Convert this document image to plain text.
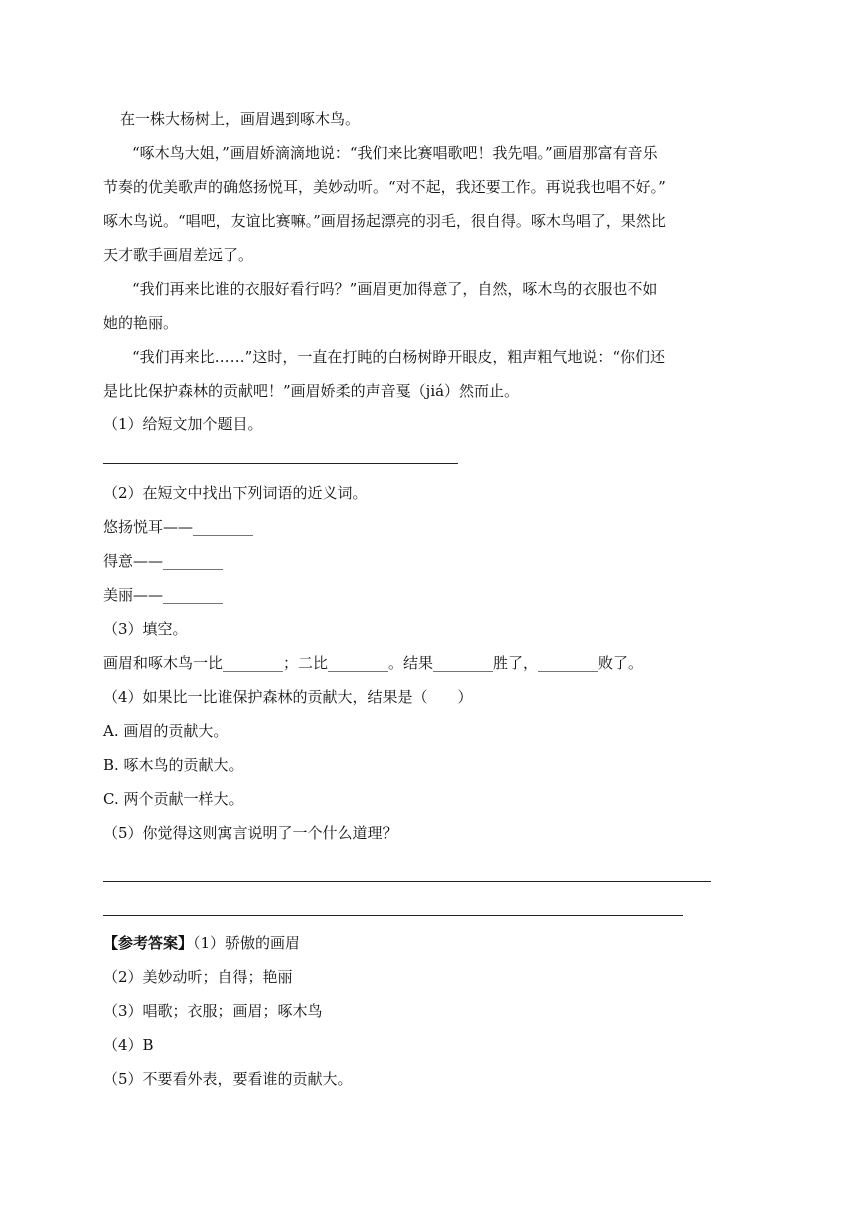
在一株大杨树上，画眉遇到啄木鸟。
“啄木鸟大姐，”画眉娇滴滴地说：“我们来比赛唱歌吧！我先唱。”画眉那富有音乐
节奏的优美歌声的确悠扬悦耳，美妙动听。“对不起，我还要工作。再说我也唱不好。”
啄木鸟说。“唱吧，友谊比赛嘛。”画眉扬起漂亮的羽毛，很自得。啄木鸟唱了，果然比
天才歌手画眉差远了。
“我们再来比谁的衣服好看行吗？”画眉更加得意了，自然，啄木鸟的衣服也不如
她的艳丽。
“我们再来比……”这时，一直在打盹的白杨树睁开眼皮，粗声粗气地说：“你们还
是比比保护森林的贡献吧！”画眉娇柔的声音戛（jiá）然而止。
（1）给短文加个题目。
（2）在短文中找出下列词语的近义词。
悠扬悦耳——________
得意——________
美丽——________
（3）填空。
画眉和啄木鸟一比________；二比________。结果________胜了，________败了。
（4）如果比一比谁保护森林的贡献大，结果是（　　）
A. 画眉的贡献大。
B. 啄木鸟的贡献大。
C. 两个贡献一样大。
（5）你觉得这则寓言说明了一个什么道理？
【参考答案】（1）骄傲的画眉
（2）美妙动听；自得；艳丽
（3）唱歌；衣服；画眉；啄木鸟
（4）B
（5）不要看外表，要看谁的贡献大。
